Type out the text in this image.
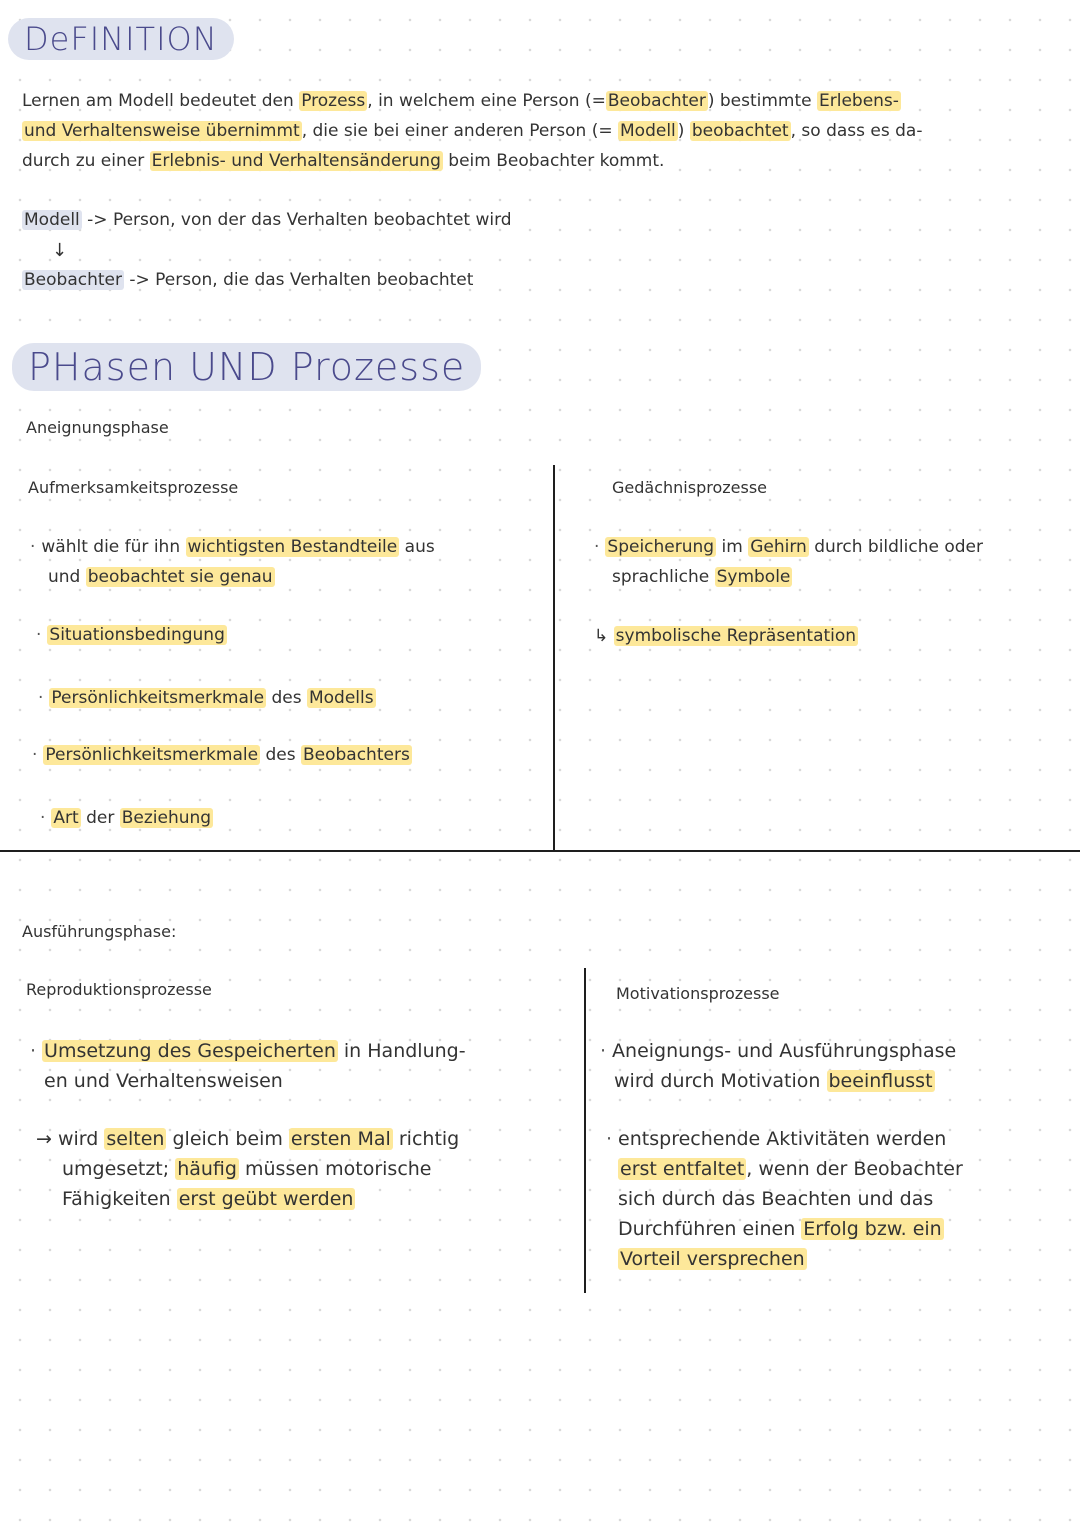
DeFINITION
Lernen am Modell bedeutet den Prozess , in welchem eine Person (= Beobachter ) bestimmte Erlebens-
und Verhaltensweise übernimmt , die sie bei einer anderen Person (= Modell ) beobachtet , so dass es da-
durch zu einer Erlebnis- und Verhaltensänderung beim Beobachter kommt.
Modell -> Person, von der das Verhalten beobachtet wird
↓
Beobachter -> Person, die das Verhalten beobachtet
PHasen UND Prozesse
Aneignungsphase
Aufmerksamkeitsprozesse
· wählt die für ihn wichtigsten Bestandteile aus
und beobachtet sie genau
· Situationsbedingung
· Persönlichkeitsmerkmale des Modells
· Persönlichkeitsmerkmale des Beobachters
· Art der Beziehung
Gedächnisprozesse
· Speicherung im Gehirn durch bildliche oder
sprachliche Symbole
↳ symbolische Repräsentation
Ausführungsphase:
Reproduktionsprozesse
· Umsetzung des Gespeicherten in Handlung-
en und Verhaltensweisen
→ wird selten gleich beim ersten Mal richtig
umgesetzt; häufig müssen motorische
Fähigkeiten erst geübt werden
Motivationsprozesse
· Aneignungs- und Ausführungsphase
wird durch Motivation beeinflusst
· entsprechende Aktivitäten werden
erst entfaltet , wenn der Beobachter
sich durch das Beachten und das
Durchführen einen Erfolg bzw. ein
Vorteil versprechen
